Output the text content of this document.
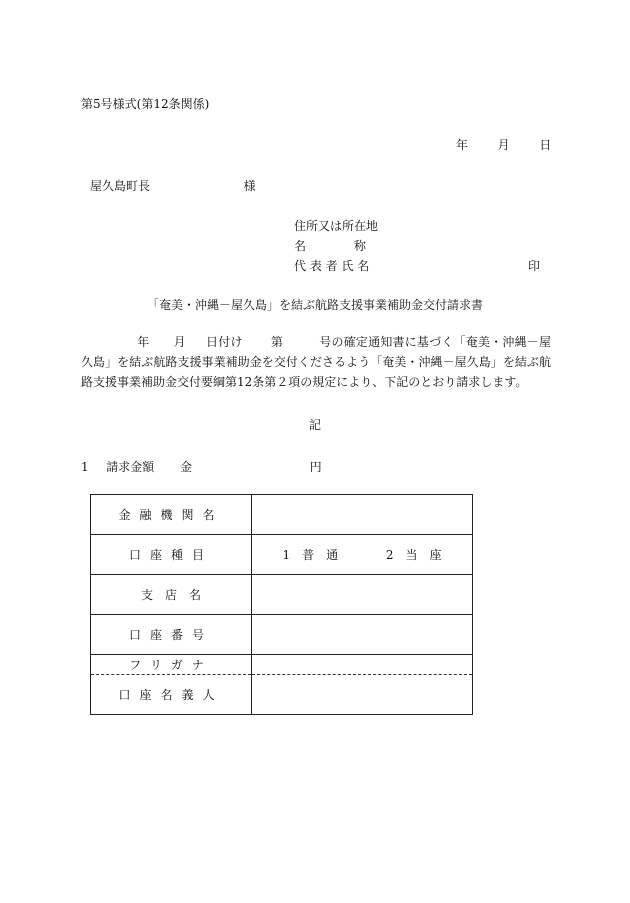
第5号様式(第12条関係)
年 月 日
屋久島町長	様
住所又は所在地
名　　　　称
代 表 者 氏 名	印
「奄美・沖縄－屋久島」を結ぶ航路支援事業補助金交付請求書
年 月 日付け 第	号の確定通知書に基づく「奄美・沖縄－屋久島」を結ぶ航路支援事業補助金を交付くださるよう「奄美・沖縄－屋久島」を結ぶ航路支援事業補助金交付要綱第12条第２項の規定により、下記のとおり請求します。
記
1 請求金額 金	円
金融機関名	
口座種目	1　普　通 2　当　座
支　店　名	
口座番号	
フリガナ	
口座名義人	
